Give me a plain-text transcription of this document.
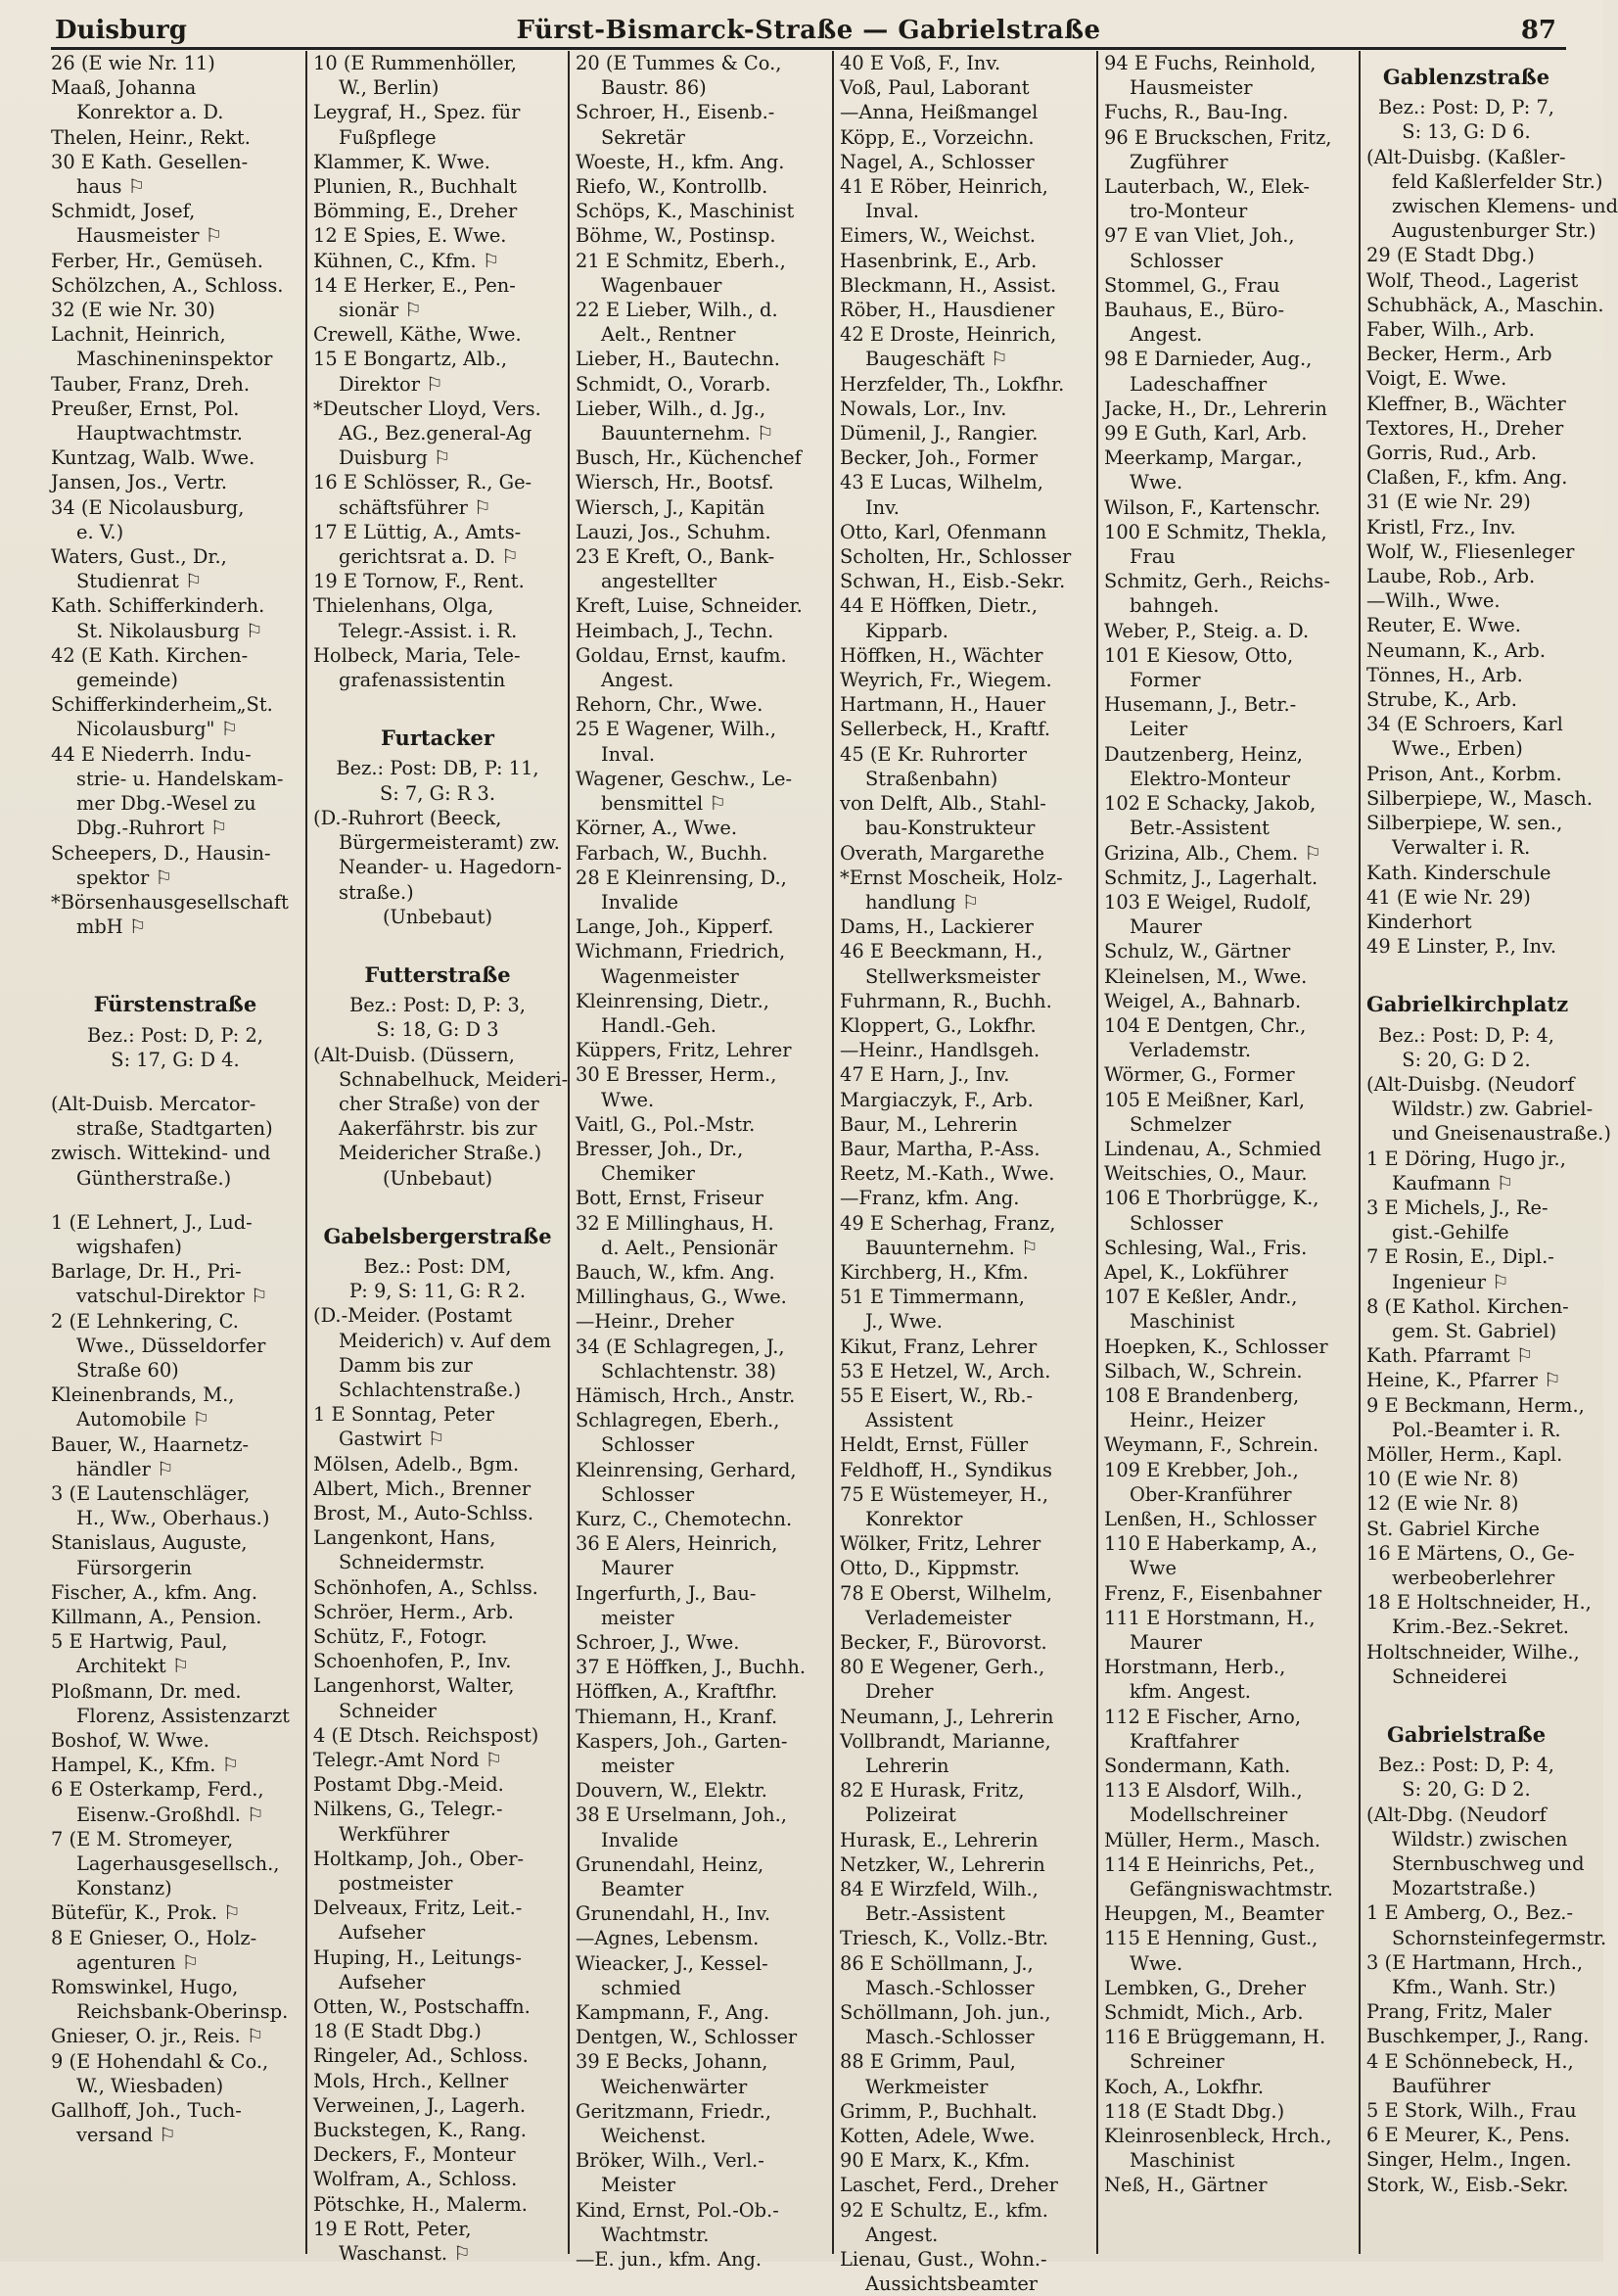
Duisburg	Fürst-Bismarck-Straße — Gabrielstraße	87
26 (E wie Nr. 11)
Maaß, Johanna
Konrektor a. D.
Thelen, Heinr., Rekt.
30 E Kath. Gesellen-
haus ⚐
Schmidt, Josef,
Hausmeister ⚐
Ferber, Hr., Gemüseh.
Schölzchen, A., Schloss.
32 (E wie Nr. 30)
Lachnit, Heinrich,
Maschineninspektor
Tauber, Franz, Dreh.
Preußer, Ernst, Pol.
Hauptwachtmstr.
Kuntzag, Walb. Wwe.
Jansen, Jos., Vertr.
34 (E Nicolausburg,
e. V.)
Waters, Gust., Dr.,
Studienrat ⚐
Kath. Schifferkinderh.
St. Nikolausburg ⚐
42 (E Kath. Kirchen-
gemeinde)
Schifferkinderheim„St.
Nicolausburg" ⚐
44 E Niederrh. Indu-
strie- u. Handelskam-
mer Dbg.-Wesel zu
Dbg.-Ruhrort ⚐
Scheepers, D., Hausin-
spektor ⚐
*Börsenhausgesellschaft
mbH ⚐
Fürstenstraße
Bez.: Post: D, P: 2,
S: 17, G: D 4.
(Alt-Duisb. Mercator-
straße, Stadtgarten)
zwisch. Wittekind- und
Güntherstraße.)
1 (E Lehnert, J., Lud-
wigshafen)
Barlage, Dr. H., Pri-
vatschul-Direktor ⚐
2 (E Lehnkering, C.
Wwe., Düsseldorfer
Straße 60)
Kleinenbrands, M.,
Automobile ⚐
Bauer, W., Haarnetz-
händler ⚐
3 (E Lautenschläger,
H., Ww., Oberhaus.)
Stanislaus, Auguste,
Fürsorgerin
Fischer, A., kfm. Ang.
Killmann, A., Pension.
5 E Hartwig, Paul,
Architekt ⚐
Ploßmann, Dr. med.
Florenz, Assistenzarzt
Boshof, W. Wwe.
Hampel, K., Kfm. ⚐
6 E Osterkamp, Ferd.,
Eisenw.-Großhdl. ⚐
7 (E M. Stromeyer,
Lagerhausgesellsch.,
Konstanz)
Bütefür, K., Prok. ⚐
8 E Gnieser, O., Holz-
agenturen ⚐
Romswinkel, Hugo,
Reichsbank-Oberinsp.
Gnieser, O. jr., Reis. ⚐
9 (E Hohendahl & Co.,
W., Wiesbaden)
Gallhoff, Joh., Tuch-
versand ⚐
10 (E Rummenhöller,
W., Berlin)
Leygraf, H., Spez. für
Fußpflege
Klammer, K. Wwe.
Plunien, R., Buchhalt
Bömming, E., Dreher
12 E Spies, E. Wwe.
Kühnen, C., Kfm. ⚐
14 E Herker, E., Pen-
sionär ⚐
Crewell, Käthe, Wwe.
15 E Bongartz, Alb.,
Direktor ⚐
*Deutscher Lloyd, Vers.
AG., Bez.general-Ag
Duisburg ⚐
16 E Schlösser, R., Ge-
schäftsführer ⚐
17 E Lüttig, A., Amts-
gerichtsrat a. D. ⚐
19 E Tornow, F., Rent.
Thielenhans, Olga,
Telegr.-Assist. i. R.
Holbeck, Maria, Tele-
grafenassistentin
Furtacker
Bez.: Post: DB, P: 11,
S: 7, G: R 3.
(D.-Ruhrort (Beeck,
Bürgermeisteramt) zw.
Neander- u. Hagedorn-
straße.)
(Unbebaut)
Futterstraße
Bez.: Post: D, P: 3,
S: 18, G: D 3
(Alt-Duisb. (Düssern,
Schnabelhuck, Meideri-
cher Straße) von der
Aakerfährstr. bis zur
Meidericher Straße.)
(Unbebaut)
Gabelsbergerstraße
Bez.: Post: DM,
P: 9, S: 11, G: R 2.
(D.-Meider. (Postamt
Meiderich) v. Auf dem
Damm bis zur
Schlachtenstraße.)
1 E Sonntag, Peter
Gastwirt ⚐
Mölsen, Adelb., Bgm.
Albert, Mich., Brenner
Brost, M., Auto-Schlss.
Langenkont, Hans,
Schneidermstr.
Schönhofen, A., Schlss.
Schröer, Herm., Arb.
Schütz, F., Fotogr.
Schoenhofen, P., Inv.
Langenhorst, Walter,
Schneider
4 (E Dtsch. Reichspost)
Telegr.-Amt Nord ⚐
Postamt Dbg.-Meid.
Nilkens, G., Telegr.-
Werkführer
Holtkamp, Joh., Ober-
postmeister
Delveaux, Fritz, Leit.-
Aufseher
Huping, H., Leitungs-
Aufseher
Otten, W., Postschaffn.
18 (E Stadt Dbg.)
Ringeler, Ad., Schloss.
Mols, Hrch., Kellner
Verweinen, J., Lagerh.
Buckstegen, K., Rang.
Deckers, F., Monteur
Wolfram, A., Schloss.
Pötschke, H., Malerm.
19 E Rott, Peter,
Waschanst. ⚐
20 (E Tummes & Co.,
Baustr. 86)
Schroer, H., Eisenb.-
Sekretär
Woeste, H., kfm. Ang.
Riefo, W., Kontrollb.
Schöps, K., Maschinist
Böhme, W., Postinsp.
21 E Schmitz, Eberh.,
Wagenbauer
22 E Lieber, Wilh., d.
Aelt., Rentner
Lieber, H., Bautechn.
Schmidt, O., Vorarb.
Lieber, Wilh., d. Jg.,
Bauunternehm. ⚐
Busch, Hr., Küchenchef
Wiersch, Hr., Bootsf.
Wiersch, J., Kapitän
Lauzi, Jos., Schuhm.
23 E Kreft, O., Bank-
angestellter
Kreft, Luise, Schneider.
Heimbach, J., Techn.
Goldau, Ernst, kaufm.
Angest.
Rehorn, Chr., Wwe.
25 E Wagener, Wilh.,
Inval.
Wagener, Geschw., Le-
bensmittel ⚐
Körner, A., Wwe.
Farbach, W., Buchh.
28 E Kleinrensing, D.,
Invalide
Lange, Joh., Kipperf.
Wichmann, Friedrich,
Wagenmeister
Kleinrensing, Dietr.,
Handl.-Geh.
Küppers, Fritz, Lehrer
30 E Bresser, Herm.,
Wwe.
Vaitl, G., Pol.-Mstr.
Bresser, Joh., Dr.,
Chemiker
Bott, Ernst, Friseur
32 E Millinghaus, H.
d. Aelt., Pensionär
Bauch, W., kfm. Ang.
Millinghaus, G., Wwe.
—Heinr., Dreher
34 (E Schlagregen, J.,
Schlachtenstr. 38)
Hämisch, Hrch., Anstr.
Schlagregen, Eberh.,
Schlosser
Kleinrensing, Gerhard,
Schlosser
Kurz, C., Chemotechn.
36 E Alers, Heinrich,
Maurer
Ingerfurth, J., Bau-
meister
Schroer, J., Wwe.
37 E Höffken, J., Buchh.
Höffken, A., Kraftfhr.
Thiemann, H., Kranf.
Kaspers, Joh., Garten-
meister
Douvern, W., Elektr.
38 E Urselmann, Joh.,
Invalide
Grunendahl, Heinz,
Beamter
Grunendahl, H., Inv.
—Agnes, Lebensm.
Wieacker, J., Kessel-
schmied
Kampmann, F., Ang.
Dentgen, W., Schlosser
39 E Becks, Johann,
Weichenwärter
Geritzmann, Friedr.,
Weichenst.
Bröker, Wilh., Verl.-
Meister
Kind, Ernst, Pol.-Ob.-
Wachtmstr.
—E. jun., kfm. Ang.
40 E Voß, F., Inv.
Voß, Paul, Laborant
—Anna, Heißmangel
Köpp, E., Vorzeichn.
Nagel, A., Schlosser
41 E Röber, Heinrich,
Inval.
Eimers, W., Weichst.
Hasenbrink, E., Arb.
Bleckmann, H., Assist.
Röber, H., Hausdiener
42 E Droste, Heinrich,
Baugeschäft ⚐
Herzfelder, Th., Lokfhr.
Nowals, Lor., Inv.
Dümenil, J., Rangier.
Becker, Joh., Former
43 E Lucas, Wilhelm,
Inv.
Otto, Karl, Ofenmann
Scholten, Hr., Schlosser
Schwan, H., Eisb.-Sekr.
44 E Höffken, Dietr.,
Kipparb.
Höffken, H., Wächter
Weyrich, Fr., Wiegem.
Hartmann, H., Hauer
Sellerbeck, H., Kraftf.
45 (E Kr. Ruhrorter
Straßenbahn)
von Delft, Alb., Stahl-
bau-Konstrukteur
Overath, Margarethe
*Ernst Moscheik, Holz-
handlung ⚐
Dams, H., Lackierer
46 E Beeckmann, H.,
Stellwerksmeister
Fuhrmann, R., Buchh.
Kloppert, G., Lokfhr.
—Heinr., Handlsgeh.
47 E Harn, J., Inv.
Margiaczyk, F., Arb.
Baur, M., Lehrerin
Baur, Martha, P.-Ass.
Reetz, M.-Kath., Wwe.
—Franz, kfm. Ang.
49 E Scherhag, Franz,
Bauunternehm. ⚐
Kirchberg, H., Kfm.
51 E Timmermann,
J., Wwe.
Kikut, Franz, Lehrer
53 E Hetzel, W., Arch.
55 E Eisert, W., Rb.-
Assistent
Heldt, Ernst, Füller
Feldhoff, H., Syndikus
75 E Wüstemeyer, H.,
Konrektor
Wölker, Fritz, Lehrer
Otto, D., Kippmstr.
78 E Oberst, Wilhelm,
Verlademeister
Becker, F., Bürovorst.
80 E Wegener, Gerh.,
Dreher
Neumann, J., Lehrerin
Vollbrandt, Marianne,
Lehrerin
82 E Hurask, Fritz,
Polizeirat
Hurask, E., Lehrerin
Netzker, W., Lehrerin
84 E Wirzfeld, Wilh.,
Betr.-Assistent
Triesch, K., Vollz.-Btr.
86 E Schöllmann, J.,
Masch.-Schlosser
Schöllmann, Joh. jun.,
Masch.-Schlosser
88 E Grimm, Paul,
Werkmeister
Grimm, P., Buchhalt.
Kotten, Adele, Wwe.
90 E Marx, K., Kfm.
Laschet, Ferd., Dreher
92 E Schultz, E., kfm.
Angest.
Lienau, Gust., Wohn.-
Aussichtsbeamter
94 E Fuchs, Reinhold,
Hausmeister
Fuchs, R., Bau-Ing.
96 E Bruckschen, Fritz,
Zugführer
Lauterbach, W., Elek-
tro-Monteur
97 E van Vliet, Joh.,
Schlosser
Stommel, G., Frau
Bauhaus, E., Büro-
Angest.
98 E Darnieder, Aug.,
Ladeschaffner
Jacke, H., Dr., Lehrerin
99 E Guth, Karl, Arb.
Meerkamp, Margar.,
Wwe.
Wilson, F., Kartenschr.
100 E Schmitz, Thekla,
Frau
Schmitz, Gerh., Reichs-
bahngeh.
Weber, P., Steig. a. D.
101 E Kiesow, Otto,
Former
Husemann, J., Betr.-
Leiter
Dautzenberg, Heinz,
Elektro-Monteur
102 E Schacky, Jakob,
Betr.-Assistent
Grizina, Alb., Chem. ⚐
Schmitz, J., Lagerhalt.
103 E Weigel, Rudolf,
Maurer
Schulz, W., Gärtner
Kleinelsen, M., Wwe.
Weigel, A., Bahnarb.
104 E Dentgen, Chr.,
Verlademstr.
Wörmer, G., Former
105 E Meißner, Karl,
Schmelzer
Lindenau, A., Schmied
Weitschies, O., Maur.
106 E Thorbrügge, K.,
Schlosser
Schlesing, Wal., Fris.
Apel, K., Lokführer
107 E Keßler, Andr.,
Maschinist
Hoepken, K., Schlosser
Silbach, W., Schrein.
108 E Brandenberg,
Heinr., Heizer
Weymann, F., Schrein.
109 E Krebber, Joh.,
Ober-Kranführer
Lenßen, H., Schlosser
110 E Haberkamp, A.,
Wwe
Frenz, F., Eisenbahner
111 E Horstmann, H.,
Maurer
Horstmann, Herb.,
kfm. Angest.
112 E Fischer, Arno,
Kraftfahrer
Sondermann, Kath.
113 E Alsdorf, Wilh.,
Modellschreiner
Müller, Herm., Masch.
114 E Heinrichs, Pet.,
Gefängniswachtmstr.
Heupgen, M., Beamter
115 E Henning, Gust.,
Wwe.
Lembken, G., Dreher
Schmidt, Mich., Arb.
116 E Brüggemann, H.
Schreiner
Koch, A., Lokfhr.
118 (E Stadt Dbg.)
Kleinrosenbleck, Hrch.,
Maschinist
Neß, H., Gärtner
Gablenzstraße
Bez.: Post: D, P: 7,
S: 13, G: D 6.
(Alt-Duisbg. (Kaßler-
feld Kaßlerfelder Str.)
zwischen Klemens- und
Augustenburger Str.)
29 (E Stadt Dbg.)
Wolf, Theod., Lagerist
Schubhäck, A., Maschin.
Faber, Wilh., Arb.
Becker, Herm., Arb
Voigt, E. Wwe.
Kleffner, B., Wächter
Textores, H., Dreher
Gorris, Rud., Arb.
Claßen, F., kfm. Ang.
31 (E wie Nr. 29)
Kristl, Frz., Inv.
Wolf, W., Fliesenleger
Laube, Rob., Arb.
—Wilh., Wwe.
Reuter, E. Wwe.
Neumann, K., Arb.
Tönnes, H., Arb.
Strube, K., Arb.
34 (E Schroers, Karl
Wwe., Erben)
Prison, Ant., Korbm.
Silberpiepe, W., Masch.
Silberpiepe, W. sen.,
Verwalter i. R.
Kath. Kinderschule
41 (E wie Nr. 29)
Kinderhort
49 E Linster, P., Inv.
Gabrielkirchplatz
Bez.: Post: D, P: 4,
S: 20, G: D 2.
(Alt-Duisbg. (Neudorf
Wildstr.) zw. Gabriel-
und Gneisenaustraße.)
1 E Döring, Hugo jr.,
Kaufmann ⚐
3 E Michels, J., Re-
gist.-Gehilfe
7 E Rosin, E., Dipl.-
Ingenieur ⚐
8 (E Kathol. Kirchen-
gem. St. Gabriel)
Kath. Pfarramt ⚐
Heine, K., Pfarrer ⚐
9 E Beckmann, Herm.,
Pol.-Beamter i. R.
Möller, Herm., Kapl.
10 (E wie Nr. 8)
12 (E wie Nr. 8)
St. Gabriel Kirche
16 E Märtens, O., Ge-
werbeoberlehrer
18 E Holtschneider, H.,
Krim.-Bez.-Sekret.
Holtschneider, Wilhe.,
Schneiderei
Gabrielstraße
Bez.: Post: D, P: 4,
S: 20, G: D 2.
(Alt-Dbg. (Neudorf
Wildstr.) zwischen
Sternbuschweg und
Mozartstraße.)
1 E Amberg, O., Bez.-
Schornsteinfegermstr.
3 (E Hartmann, Hrch.,
Kfm., Wanh. Str.)
Prang, Fritz, Maler
Buschkemper, J., Rang.
4 E Schönnebeck, H.,
Bauführer
5 E Stork, Wilh., Frau
6 E Meurer, K., Pens.
Singer, Helm., Ingen.
Stork, W., Eisb.-Sekr.
